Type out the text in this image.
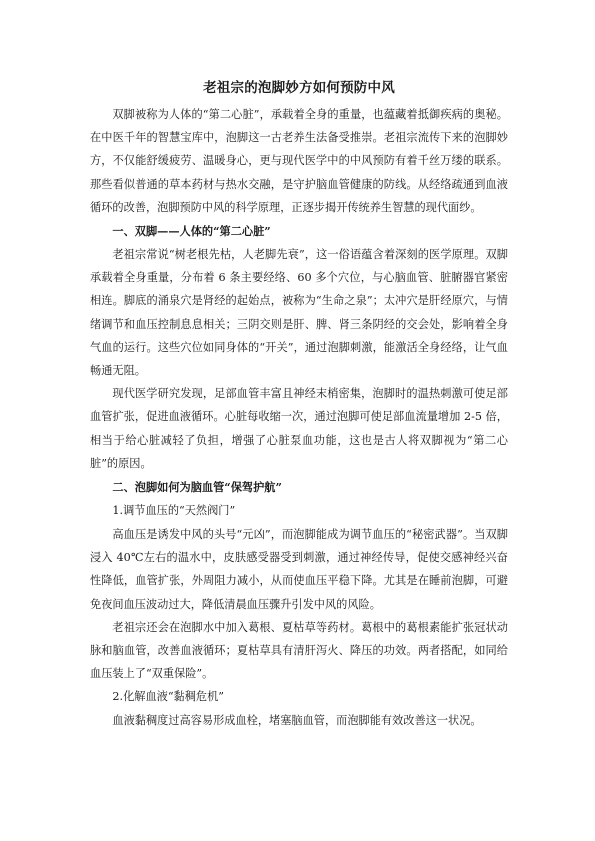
老祖宗的泡脚妙方如何预防中风

双脚被称为人体的“第二心脏”，承载着全身的重量，也蕴藏着抵御疾病的奥秘。在中医千年的智慧宝库中，泡脚这一古老养生法备受推崇。老祖宗流传下来的泡脚妙方，不仅能舒缓疲劳、温暖身心，更与现代医学中的中风预防有着千丝万缕的联系。那些看似普通的草本药材与热水交融，是守护脑血管健康的防线。从经络疏通到血液循环的改善，泡脚预防中风的科学原理，正逐步揭开传统养生智慧的现代面纱。

一、双脚——人体的“第二心脏”

老祖宗常说“树老根先枯，人老脚先衰”，这一俗语蕴含着深刻的医学原理。双脚承载着全身重量，分布着 6 条主要经络、60 多个穴位，与心脑血管、脏腑器官紧密相连。脚底的涌泉穴是肾经的起始点，被称为“生命之泉”；太冲穴是肝经原穴，与情绪调节和血压控制息息相关；三阴交则是肝、脾、肾三条阴经的交会处，影响着全身气血的运行。这些穴位如同身体的“开关”，通过泡脚刺激，能激活全身经络，让气血畅通无阻。

现代医学研究发现，足部血管丰富且神经末梢密集，泡脚时的温热刺激可使足部血管扩张，促进血液循环。心脏每收缩一次，通过泡脚可使足部血流量增加 2-5 倍，相当于给心脏减轻了负担，增强了心脏泵血功能，这也是古人将双脚视为“第二心脏”的原因。

二、泡脚如何为脑血管“保驾护航”

1.调节血压的“天然阀门”

高血压是诱发中风的头号“元凶”，而泡脚能成为调节血压的“秘密武器”。当双脚浸入 40℃左右的温水中，皮肤感受器受到刺激，通过神经传导，促使交感神经兴奋性降低，血管扩张，外周阻力减小，从而使血压平稳下降。尤其是在睡前泡脚，可避免夜间血压波动过大，降低清晨血压骤升引发中风的风险。

老祖宗还会在泡脚水中加入葛根、夏枯草等药材。葛根中的葛根素能扩张冠状动脉和脑血管，改善血液循环；夏枯草具有清肝泻火、降压的功效。两者搭配，如同给血压装上了“双重保险”。

2.化解血液“黏稠危机”

血液黏稠度过高容易形成血栓，堵塞脑血管，而泡脚能有效改善这一状况。
